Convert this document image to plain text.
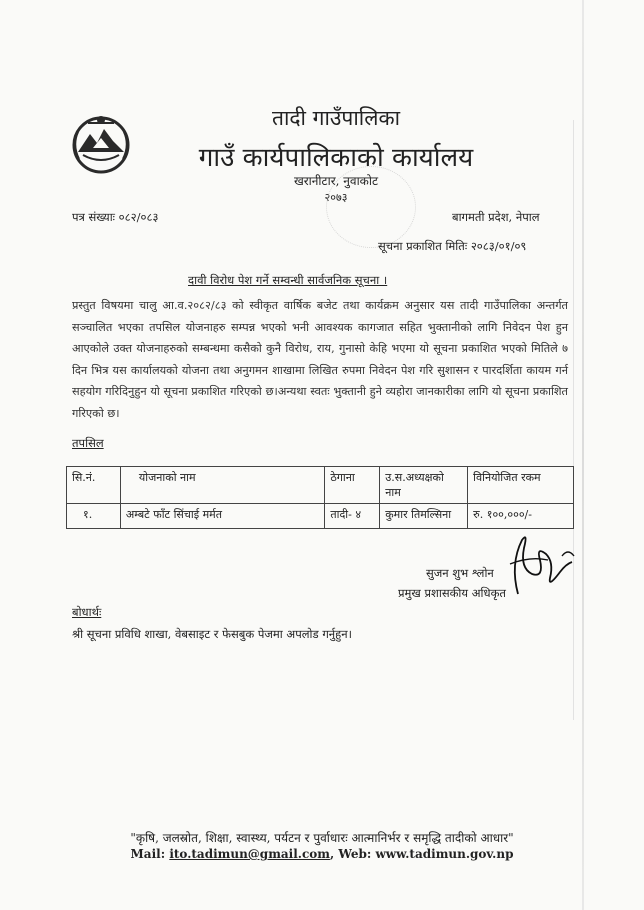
तादी गाउँपालिका
गाउँ कार्यपालिकाको कार्यालय
खरानीटार, नुवाकोट
२०७३
पत्र संख्याः ०८२/०८३	बागमती प्रदेश, नेपाल
सूचना प्रकाशित मितिः २०८३/०१/०९
दावी विरोध पेश गर्ने सम्वन्धी सार्वजनिक सूचना ।
प्रस्तुत विषयमा चालु आ.व.२०८२/८३ को स्वीकृत वार्षिक बजेट तथा कार्यक्रम अनुसार यस तादी गाउँपालिका अन्तर्गत सञ्चालित भएका तपसिल योजनाहरु सम्पन्न भएको भनी आवश्यक कागजात सहित भुक्तानीको लागि निवेदन पेश हुन आएकोले उक्त योजनाहरुको सम्बन्धमा कसैको कुनै विरोध, राय, गुनासो केहि भएमा यो सूचना प्रकाशित भएको मितिले ७ दिन भित्र यस कार्यालयको योजना तथा अनुगमन शाखामा लिखित रुपमा निवेदन पेश गरि सुशासन र पारदर्शिता कायम गर्न सहयोग गरिदिनुहुन यो सूचना प्रकाशित गरिएको छ।अन्यथा स्वतः भुक्तानी हुने व्यहोरा जानकारीका लागि यो सूचना प्रकाशित गरिएको छ।
तपसिल
सि.नं.	योजनाको नाम	ठेगाना	उ.स.अध्यक्षको नाम	विनियोजित रकम
१.	अम्बटे फाँट सिंचाई मर्मत	तादी- ४	कुमार तिमल्सिना	रु. १००,०००/-
सुजन शुभ श्लोन
प्रमुख प्रशासकीय अधिकृत
बोधार्थः
श्री सूचना प्रविधि शाखा, वेबसाइट र फेसबुक पेजमा अपलोड गर्नुहुन।
"कृषि, जलस्रोत, शिक्षा, स्वास्थ्य, पर्यटन र पुर्वाधारः आत्मानिर्भर र समृद्धि तादीको आधार"
Mail: ito.tadimun@gmail.com, Web: www.tadimun.gov.np
